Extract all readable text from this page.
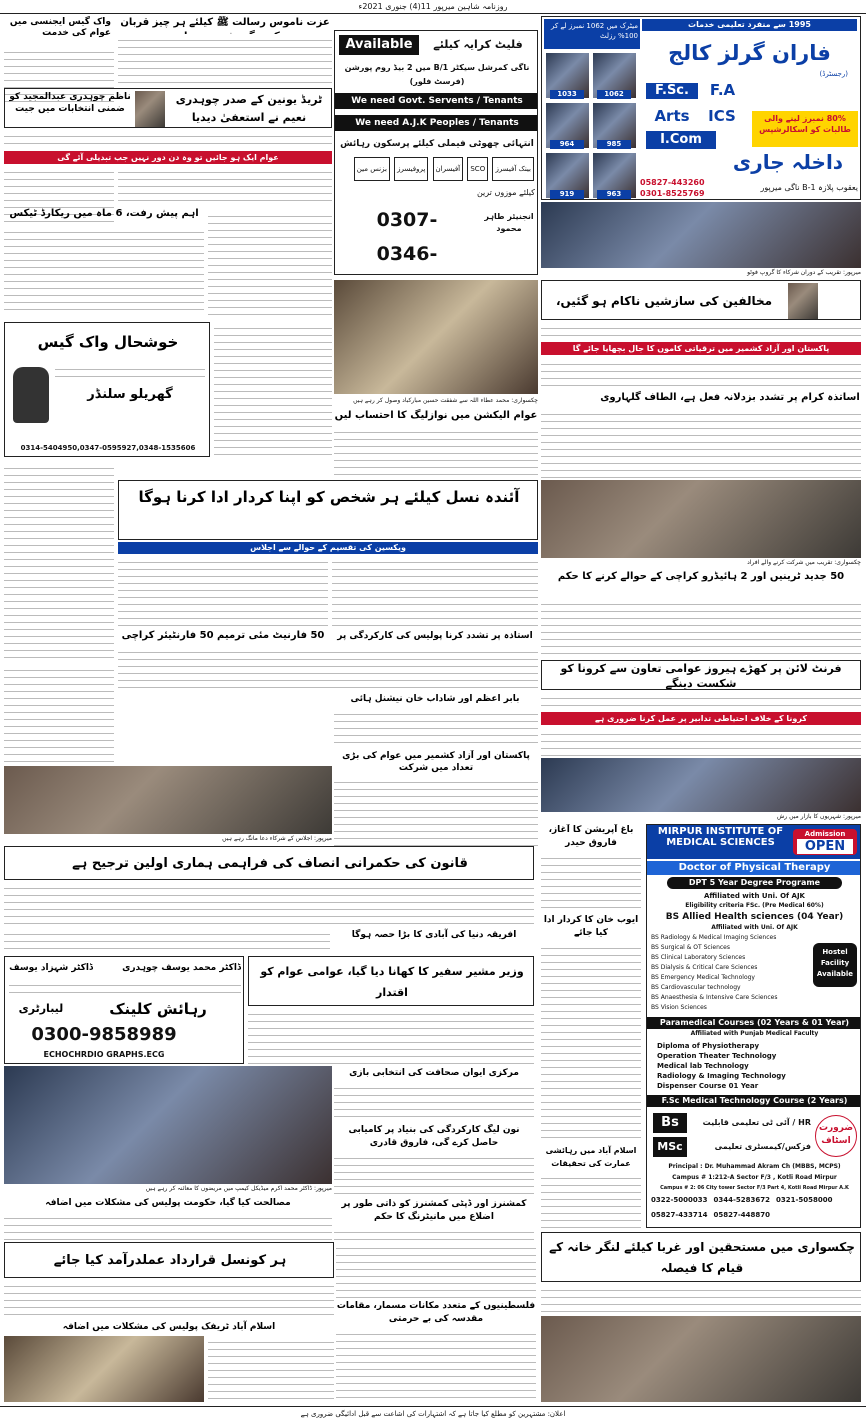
روزنامہ شاہین میرپور 11(4) جنوری 2021ء
1995 سے منفرد تعلیمی خدمات
میٹرک میں 1062 نمبرز لے کر 100% رزلٹ
1033	1062
964	985
919	963
فاران گرلز کالج
(رجسٹرڈ)
F.A
F.Sc.
ICS
Arts
I.Com
80% نمبرز لینے والی طالبات کو اسکالرشپس
داخلہ جاری
یعقوب پلازہ B-1 ناگی میرپور
05827-443260
0301-8525769
Available	فلیٹ کرایہ کیلئے
ناگی کمرشل سیکٹر B/1 میں 2 بیڈ روم پورشن (فرسٹ فلور)
We need Govt. Servents / Tenants
We need A.J.K Peoples / Tenants
انتہائی چھوٹی فیملی کیلئے پرسکون رہائش
بینک آفیسرز SCO آفیسران پروفیسرز بزنس مین
کیلئے موزوں ترین
0307-
0346-
انجنیئر طاہر محمود

واک گیس ایجنسی میں عوام کی خدمت

عزت ناموس رسالت ﷺ کیلئے ہر چیز قربان
ٹریڈ یونین کے صدر چوہدری نعیم نے استعفیٰ دیدیا
ناظم چوہدری عبدالمجید کو ضمنی انتخابات میں جیت
عوام ایک ہو جائیں تو وہ دن دور نہیں جب تبدیلی آئے گی
اہم پیش رفت، 6 ماہ میں ریکارڈ ٹیکس
خوشحال واک گیس
گھریلو سلنڈر
0314-5404950,0347-0595927,0348-1535606
چکسواری: محمد عطاء اللہ سے شفقت حسین مبارکباد وصول کر رہے ہیں
عوام الیکشن میں نوازلیگ کا احتساب لیں
میرپور: تقریب کے دوران شرکاء کا گروپ فوٹو
مخالفین کی سازشیں ناکام ہو گئیں،
پاکستان اور آزاد کشمیر میں ترقیاتی کاموں کا جال بچھایا جائے گا
اساتذہ کرام پر تشدد بزدلانہ فعل ہے، الطاف گلہاروی
آئندہ نسل کیلئے ہر شخص کو اپنا کردار ادا کرنا ہوگا
ویکسین کی تقسیم کے حوالے سے اجلاس
50 فارنیٹ مئی ترمیم 50 فارنٹیئر کراچی	استاذہ پر تشدد کرنا پولیس کی کارکردگی پر
بابر اعظم اور شاداب خان نیشنل ہائی
چکسواری: تقریب میں شرکت کرنے والے افراد
50 جدید ٹرینیں اور 2 ہائیڈرو کراچی کے حوالے کرنے کا حکم
فرنٹ لائن پر کھڑے ہیروز عوامی تعاون سے کرونا کو شکست دینگے
کرونا کے خلاف احتیاطی تدابیر پر عمل کرنا ضروری ہے
میرپور: اجلاس کے شرکاء دعا مانگ رہے ہیں
پاکستان اور آزاد کشمیر میں عوام کی بڑی تعداد میں شرکت
میرپور: شہریوں کا بازار میں رش
قانون کی حکمرانی انصاف کی فراہمی ہماری اولین ترجیح ہے
افریقہ دنیا کی آبادی کا بڑا حصہ ہوگا
ڈاکٹر محمد یوسف چوہدری
ڈاکٹر شہزاد یوسف
رہائش کلینک
لیبارٹری
0300-9858989
ECHOCHRDIO GRAPHS.ECG
وزیر مشیر سفیر کا کھانا دیا گیا، عوامی عوام کو اقتدار
میرپور: ڈاکٹر محمد اکرم میڈیکل کیمپ میں مریضوں کا معائنہ کر رہے ہیں
مصالحت کیا گیا، حکومت پولیس کی مشکلات میں اضافہ
مرکزی ایوان صحافت کی انتخابی بازی
نون لیگ کارکردگی کی بنیاد پر کامیابی حاصل کرے گی، فاروق قادری
کمشنرز اور ڈپٹی کمشنرز کو ذاتی طور پر اضلاع میں مانیٹرنگ کا حکم
ہر کونسل قرارداد عملدرآمد کیا جائے
اسلام آباد ٹریفک پولیس کی مشکلات میں اضافہ
فلسطینیوں کے متعدد مکانات مسمار، مقامات مقدسہ کی بے حرمتی
باغ آپریشن کا آغاز، فاروق حیدر
ایوب خان کا کردار ادا کیا جائے
اسلام آباد میں رہائشی عمارت کی تحقیقات
MIRPUR INSTITUTE OF MEDICAL SCIENCES
Admission
OPEN
Doctor of Physical Therapy
DPT 5 Year Degree Programe
Affiliated with Uni. Of AJK
Eligibility criteria FSc. (Pre Medical 60%)
BS Allied Health sciences (04 Year)
Affiliated with Uni. Of AJK
BS Radiology & Medical Imaging Sciences
BS Surgical & OT Sciences
BS Clinical Laboratory Sciences
BS Dialysis & Critical Care Sciences
BS Emergency Medical Technology
BS Cardiovascular technology
BS Anaesthesia & Intensive Care Sciences
BS Vision Sciences
Hostel Facility Available
Paramedical Courses (02 Years & 01 Year)
Affiliated with Punjab Medical Faculty
Diploma of Physiotherapy
Operation Theater Technology
Medical lab Technology
Radiology & Imaging Technology
Dispenser Course 01 Year
F.Sc Medical Technology Course (2 Years)
Bs
MSc
HR / آئی ٹی تعلیمی قابلیت
فزکس/کیمسٹری تعلیمی
ضرورت اسٹاف
Principal : Dr. Muhammad Akram Ch (MBBS, MCPS)
Campus # 1:212-A Sector F/3 , Kotli Road Mirpur
Campus # 2: 06 City tower Sector F/3 Part 4, Kotli Road Mirpur A.K
0322-5000033 0344-5283672 0321-5058000
05827-433714 05827-448870
چکسواری میں مستحقین اور غربا کیلئے لنگر خانہ کے قیام کا فیصلہ
اعلان: مشتہرین کو مطلع کیا جاتا ہے کہ اشتہارات کی اشاعت سے قبل ادائیگی ضروری ہے
